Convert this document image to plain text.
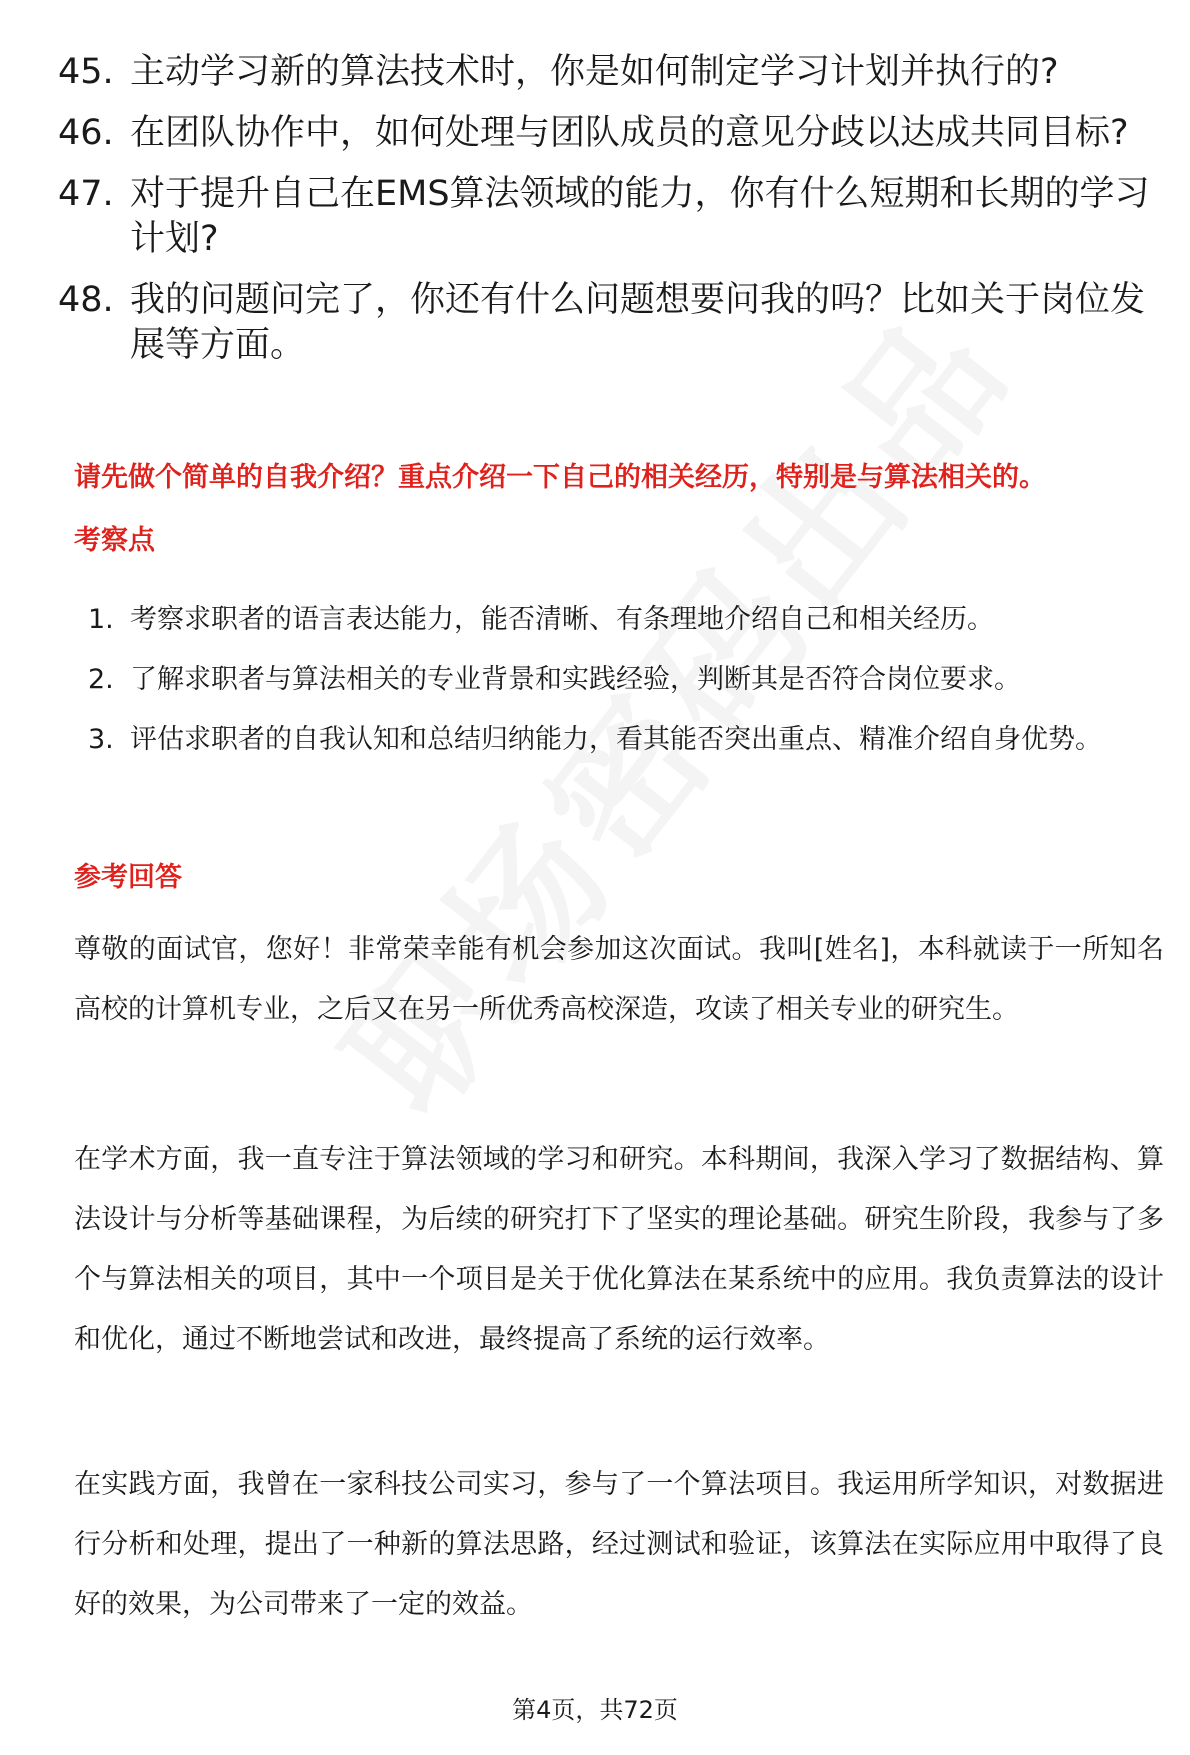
45. 主动学习新的算法技术时，你是如何制定学习计划并执行的?
46. 在团队协作中，如何处理与团队成员的意见分歧以达成共同目标?
47. 对于提升自己在EMS算法领域的能力，你有什么短期和长期的学习计划?
48. 我的问题问完了，你还有什么问题想要问我的吗？比如关于岗位发展等方面。
请先做个简单的自我介绍？重点介绍一下自己的相关经历，特别是与算法相关的。
考察点
1. 考察求职者的语言表达能力，能否清晰、有条理地介绍自己和相关经历。
2. 了解求职者与算法相关的专业背景和实践经验，判断其是否符合岗位要求。
3. 评估求职者的自我认知和总结归纳能力，看其能否突出重点、精准介绍自身优势。
参考回答
尊敬的面试官，您好！非常荣幸能有机会参加这次面试。我叫[姓名]，本科就读于一所知名高校的计算机专业，之后又在另一所优秀高校深造，攻读了相关专业的研究生。
在学术方面，我一直专注于算法领域的学习和研究。本科期间，我深入学习了数据结构、算法设计与分析等基础课程，为后续的研究打下了坚实的理论基础。研究生阶段，我参与了多个与算法相关的项目，其中一个项目是关于优化算法在某系统中的应用。我负责算法的设计和优化，通过不断地尝试和改进，最终提高了系统的运行效率。
在实践方面，我曾在一家科技公司实习，参与了一个算法项目。我运用所学知识，对数据进行分析和处理，提出了一种新的算法思路，经过测试和验证，该算法在实际应用中取得了良好的效果，为公司带来了一定的效益。
第4页，共72页
